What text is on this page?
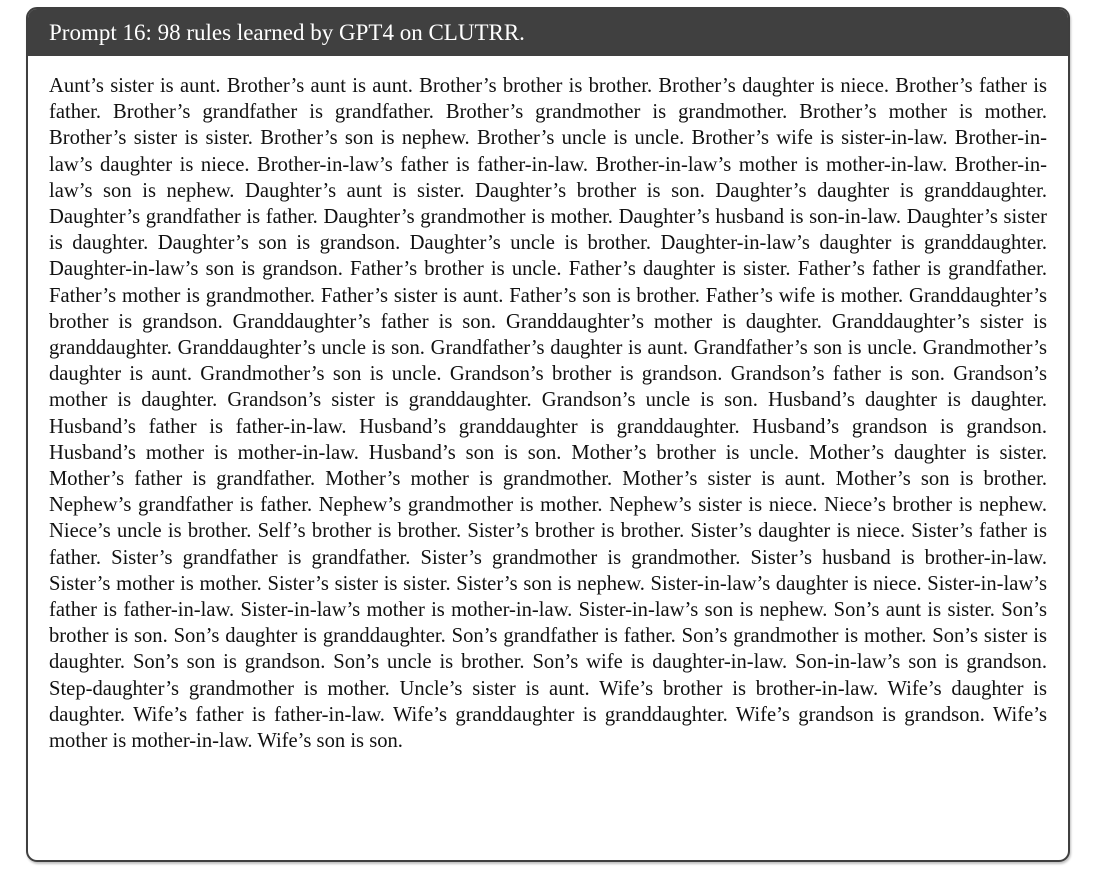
Prompt 16: 98 rules learned by GPT4 on CLUTRR.
Aunt’s sister is aunt. Brother’s aunt is aunt. Brother’s brother is brother. Brother’s daughter is niece. Brother’s father is father. Brother’s grandfather is grandfather. Brother’s grandmother is grandmother. Brother’s mother is mother. Brother’s sister is sister. Brother’s son is nephew. Brother’s uncle is uncle. Brother’s wife is sister-in-law. Brother-in-law’s daughter is niece. Brother-in-law’s father is father-in-law. Brother-in-law’s mother is mother-in-law. Brother-in-law’s son is nephew. Daughter’s aunt is sister. Daughter’s brother is son. Daughter’s daughter is granddaughter. Daughter’s grandfather is father. Daughter’s grandmother is mother. Daughter’s husband is son-in-law. Daughter’s sister is daughter. Daughter’s son is grandson. Daughter’s uncle is brother. Daughter-in-law’s daughter is granddaughter. Daughter-in-law’s son is grandson. Father’s brother is uncle. Father’s daughter is sister. Father’s father is grandfather. Father’s mother is grandmother. Father’s sister is aunt. Father’s son is brother. Father’s wife is mother. Granddaughter’s brother is grandson. Granddaughter’s father is son. Granddaughter’s mother is daughter. Granddaughter’s sister is granddaughter. Granddaughter’s uncle is son. Grandfather’s daughter is aunt. Grandfather’s son is uncle. Grandmother’s daughter is aunt. Grandmother’s son is uncle. Grandson’s brother is grandson. Grandson’s father is son. Grandson’s mother is daughter. Grandson’s sister is granddaughter. Grandson’s uncle is son. Husband’s daughter is daughter. Husband’s father is father-in-law. Husband’s granddaughter is granddaughter. Husband’s grandson is grandson. Husband’s mother is mother-in-law. Husband’s son is son. Mother’s brother is uncle. Mother’s daughter is sister. Mother’s father is grandfather. Mother’s mother is grandmother. Mother’s sister is aunt. Mother’s son is brother. Nephew’s grandfather is father. Nephew’s grandmother is mother. Nephew’s sister is niece. Niece’s brother is nephew. Niece’s uncle is brother. Self’s brother is brother. Sister’s brother is brother. Sister’s daughter is niece. Sister’s father is father. Sister’s grandfather is grandfather. Sister’s grandmother is grandmother. Sister’s husband is brother-in-law. Sister’s mother is mother. Sister’s sister is sister. Sister’s son is nephew. Sister-in-law’s daughter is niece. Sister-in-law’s father is father-in-law. Sister-in-law’s mother is mother-in-law. Sister-in-law’s son is nephew. Son’s aunt is sister. Son’s brother is son. Son’s daughter is granddaughter. Son’s grandfather is father. Son’s grandmother is mother. Son’s sister is daughter. Son’s son is grandson. Son’s uncle is brother. Son’s wife is daughter-in-law. Son-in-law’s son is grandson. Step-daughter’s grandmother is mother. Uncle’s sister is aunt. Wife’s brother is brother-in-law. Wife’s daughter is daughter. Wife’s father is father-in-law. Wife’s granddaughter is granddaughter. Wife’s grandson is grandson. Wife’s mother is mother-in-law. Wife’s son is son.
